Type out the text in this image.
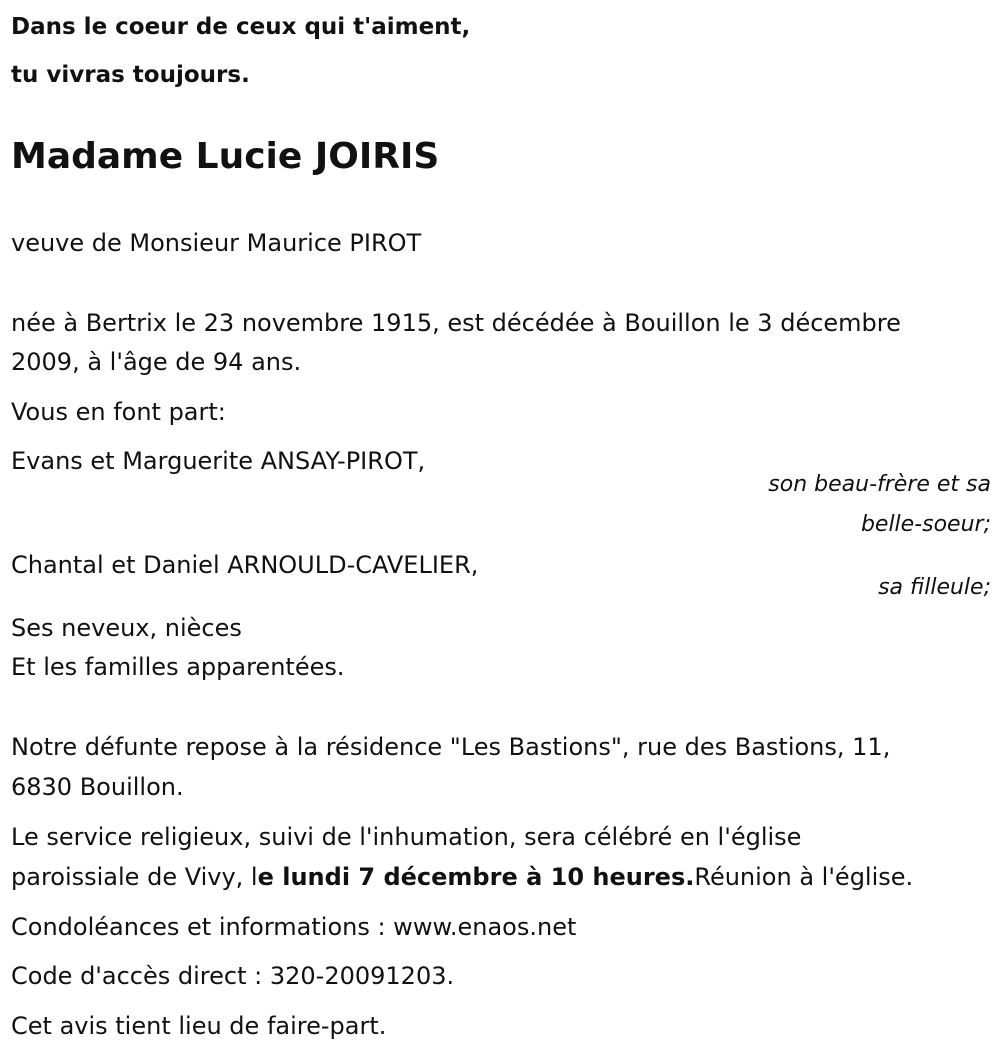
Dans le coeur de ceux qui t'aiment,
tu vivras toujours.
Madame Lucie JOIRIS
veuve de Monsieur Maurice PIROT
née à Bertrix le 23 novembre 1915, est décédée à Bouillon le 3 décembre
2009, à l'âge de 94 ans.
Vous en font part:
Evans et Marguerite ANSAY-PIROT,
son beau-frère et sa
belle-soeur;
Chantal et Daniel ARNOULD-CAVELIER,
sa filleule;
Ses neveux, nièces
Et les familles apparentées.
Notre défunte repose à la résidence "Les Bastions", rue des Bastions, 11,
6830 Bouillon.
Le service religieux, suivi de l'inhumation, sera célébré en l'église
paroissiale de Vivy, le lundi 7 décembre à 10 heures.Réunion à l'église.
Condoléances et informations : www.enaos.net
Code d'accès direct : 320-20091203.
Cet avis tient lieu de faire-part.
